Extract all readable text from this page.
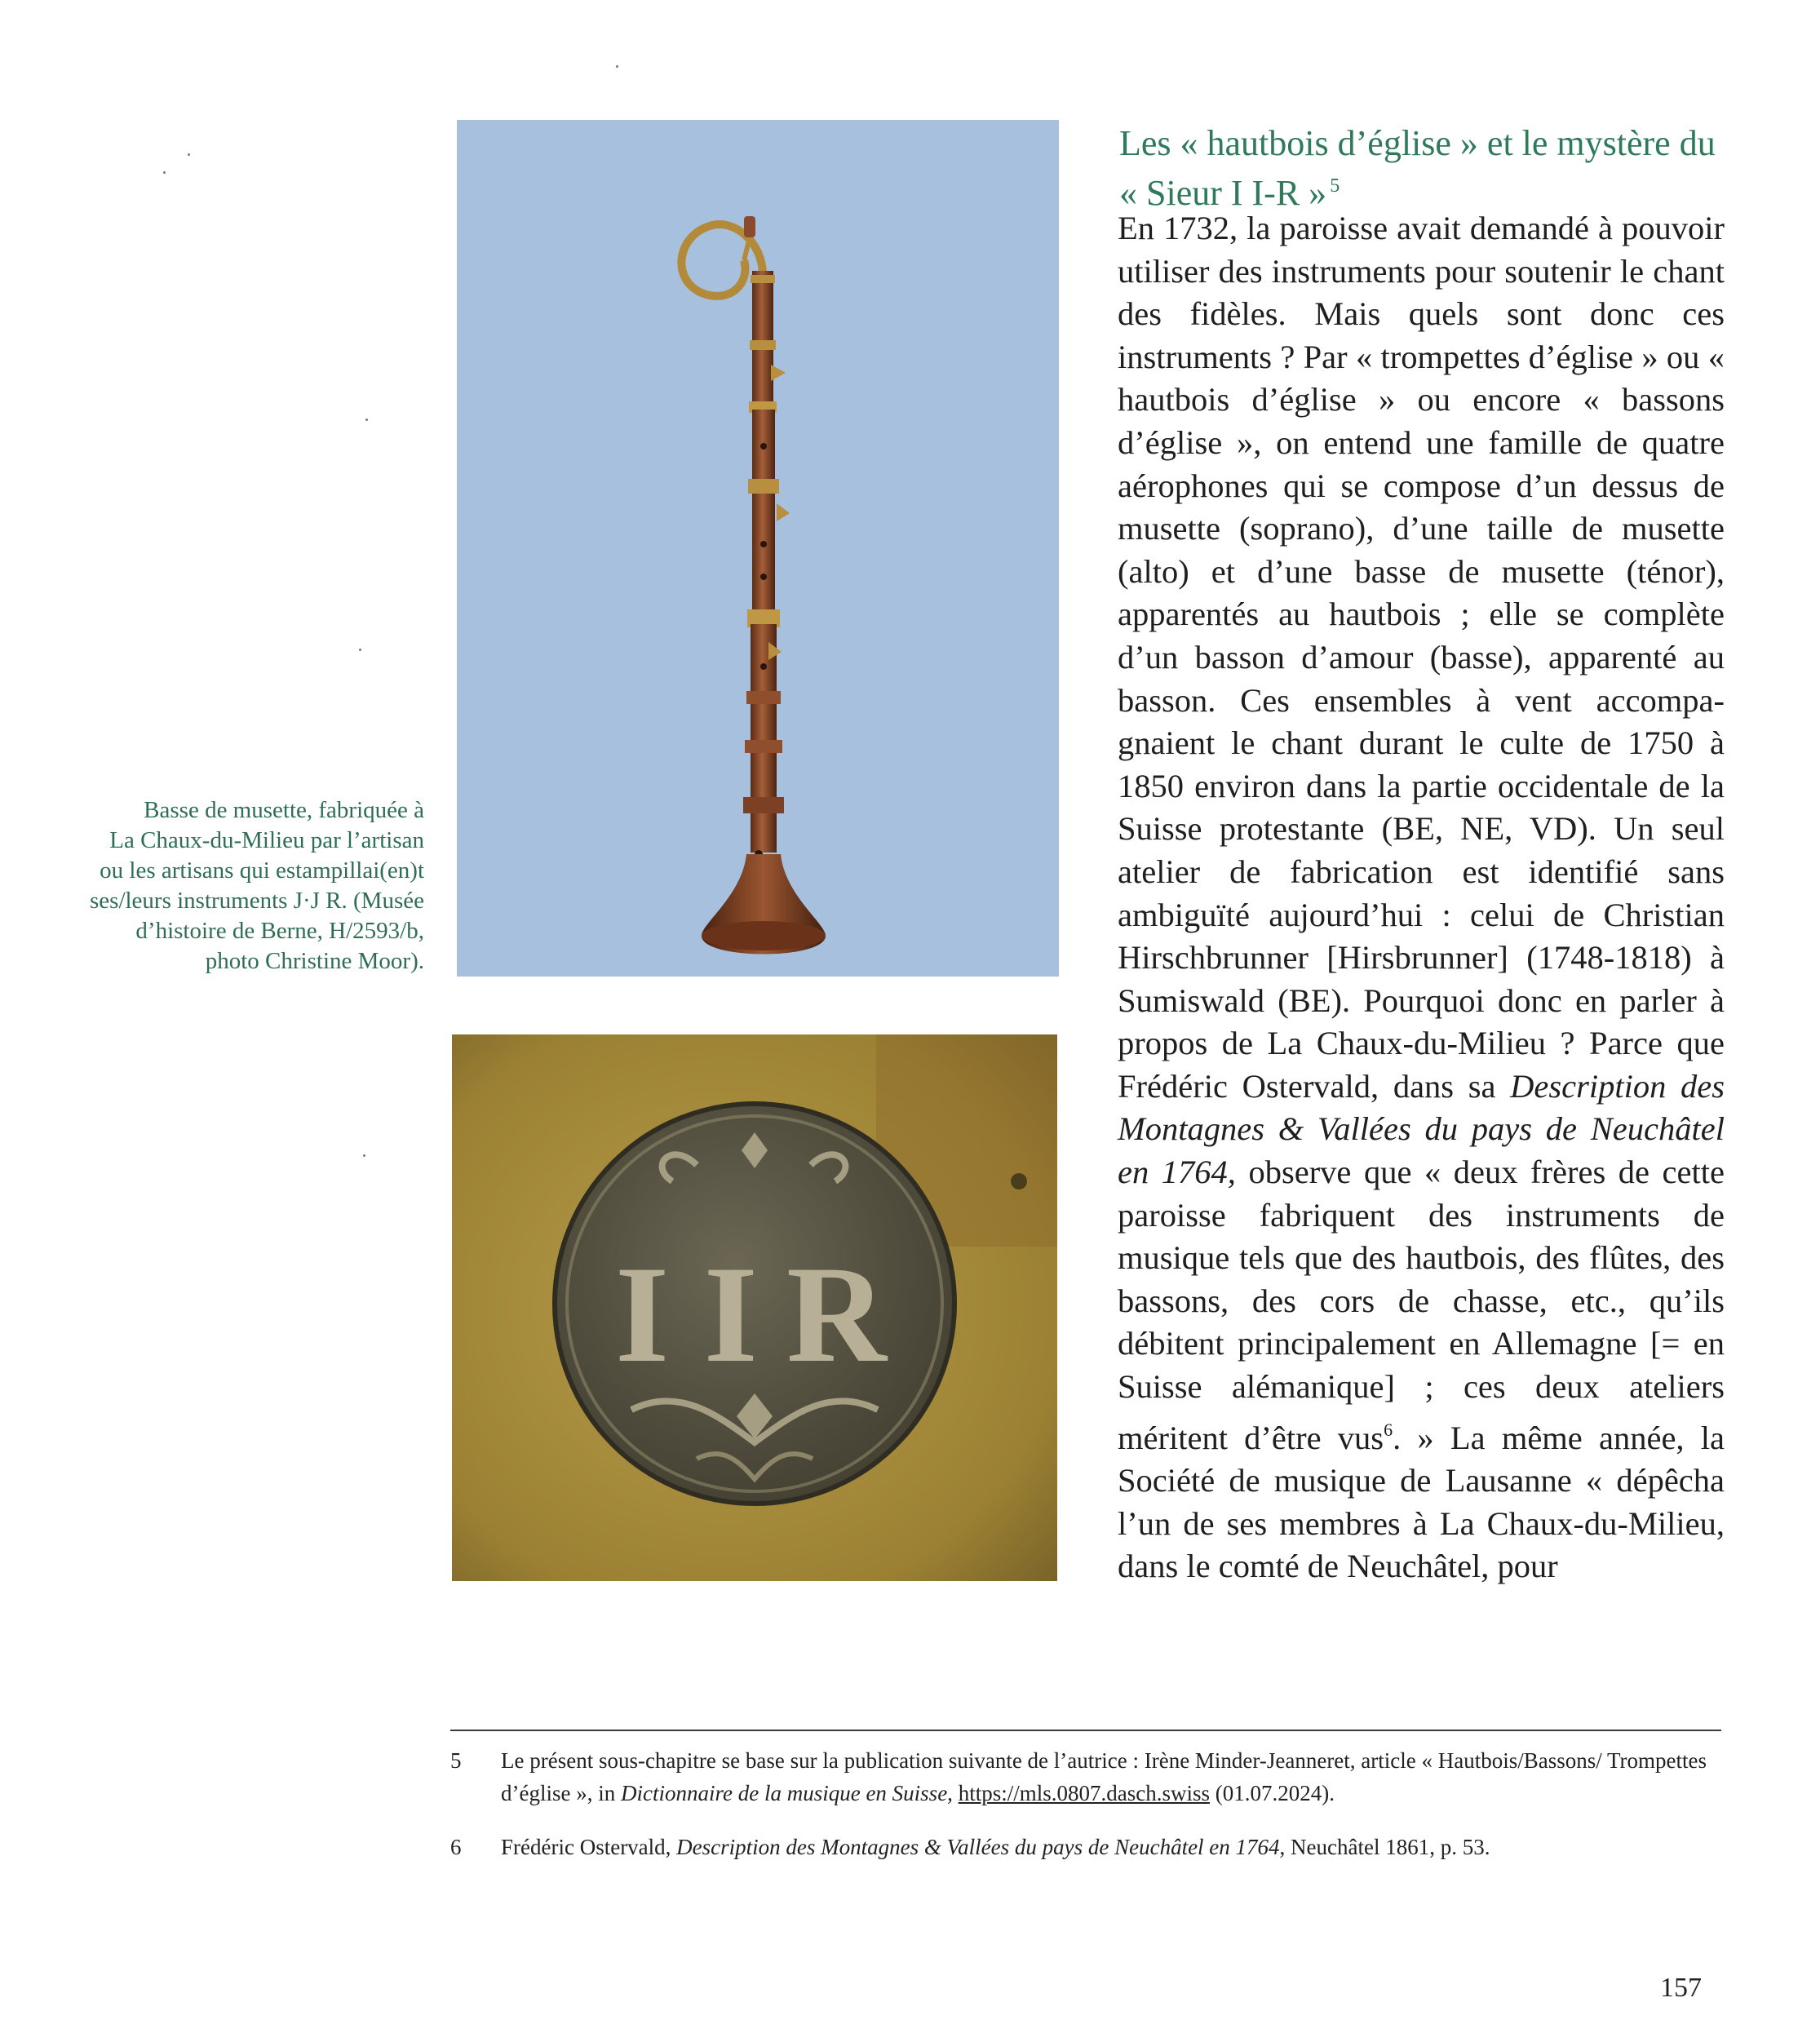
Basse de musette, fabriquée à
La Chaux-du-Milieu par l’artisan
ou les artisans qui estampillai(en)t
ses/leurs instruments J·J R. (Musée
d’histoire de Berne, H/2593/b,
photo Christine Moor).
I I R
Les « hautbois d’église » et le mystère du « Sieur I I-R » $^5$

En 1732, la paroisse avait demandé à pouvoir utiliser des instruments pour soutenir le chant des fidèles. Mais quels sont donc ces instruments ? Par « trompettes d’église » ou « hautbois d’église » ou encore « bassons d’église », on entend une famille de quatre aérophones qui se compose d’un dessus de musette (soprano), d’une taille de musette (alto) et d’une basse de musette (ténor), apparentés au hautbois ; elle se complète d’un basson d’amour (basse), apparenté au basson. Ces ensembles à vent accompagnaient le chant durant le culte de 1750 à 1850 environ dans la partie occidentale de la Suisse protestante (BE, NE, VD). Un seul atelier de fabrication est identifié sans ambiguïté aujourd’hui : celui de Christian Hirschbrunner [Hirsbrunner] (1748-1818) à Sumiswald (BE). Pourquoi donc en parler à propos de La Chaux-du-Milieu ? Parce que Frédéric Ostervald, dans sa Description des Montagnes & Vallées du pays de Neuchâtel en 1764, observe que « deux frères de cette paroisse fabriquent des instruments de musique tels que des hautbois, des flûtes, des bassons, des cors de chasse, etc., qu’ils débitent principalement en Allemagne [= en Suisse alémanique] ; ces deux ateliers méritent d’être vus$^6$. » La même année, la Société de musique de Lausanne « dépêcha l’un de ses membres à La Chaux-du-Milieu, dans le comté de Neuchâtel, pour

5	Le présent sous-chapitre se base sur la publication suivante de l’autrice : Irène Minder-Jeanneret, article « Hautbois/Bassons/ Trompettes d’église », in Dictionnaire de la musique en Suisse, https://mls.0807.dasch.swiss (01.07.2024).
6	Frédéric Ostervald, Description des Montagnes & Vallées du pays de Neuchâtel en 1764, Neuchâtel 1861, p. 53.
157
